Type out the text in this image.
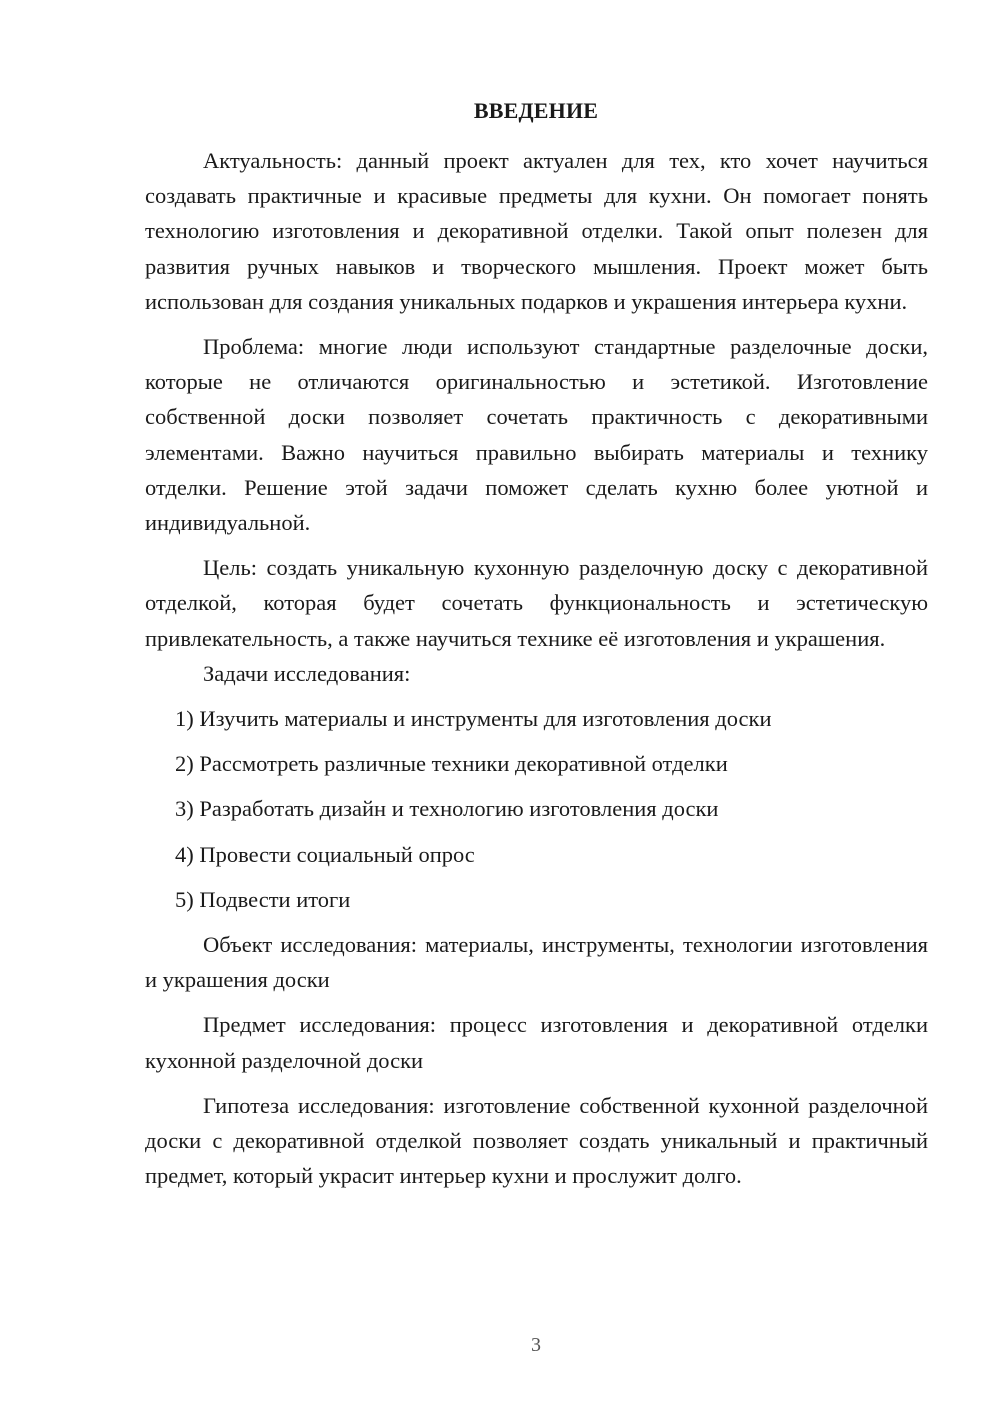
ВВЕДЕНИЕ

Актуальность: данный проект актуален для тех, кто хочет научиться создавать практичные и красивые предметы для кухни. Он помогает понять технологию изготовления и декоративной отделки. Такой опыт полезен для развития ручных навыков и творческого мышления. Проект может быть использован для создания уникальных подарков и украшения интерьера кухни.

Проблема: многие люди используют стандартные разделочные доски, которые не отличаются оригинальностью и эстетикой. Изготовление собственной доски позволяет сочетать практичность с декоративными элементами. Важно научиться правильно выбирать материалы и технику отделки. Решение этой задачи поможет сделать кухню более уютной и индивидуальной.

Цель: создать уникальную кухонную разделочную доску с декоративной отделкой, которая будет сочетать функциональность и эстетическую привлекательность, а также научиться технике её изготовления и украшения.

Задачи исследования:

1) Изучить материалы и инструменты для изготовления доски
2) Рассмотреть различные техники декоративной отделки
3) Разработать дизайн и технологию изготовления доски
4) Провести социальный опрос
5) Подвести итоги

Объект исследования: материалы, инструменты, технологии изготовления и украшения доски

Предмет исследования: процесс изготовления и декоративной отделки кухонной разделочной доски

Гипотеза исследования: изготовление собственной кухонной разделочной доски с декоративной отделкой позволяет создать уникальный и практичный предмет, который украсит интерьер кухни и прослужит долго.

3
